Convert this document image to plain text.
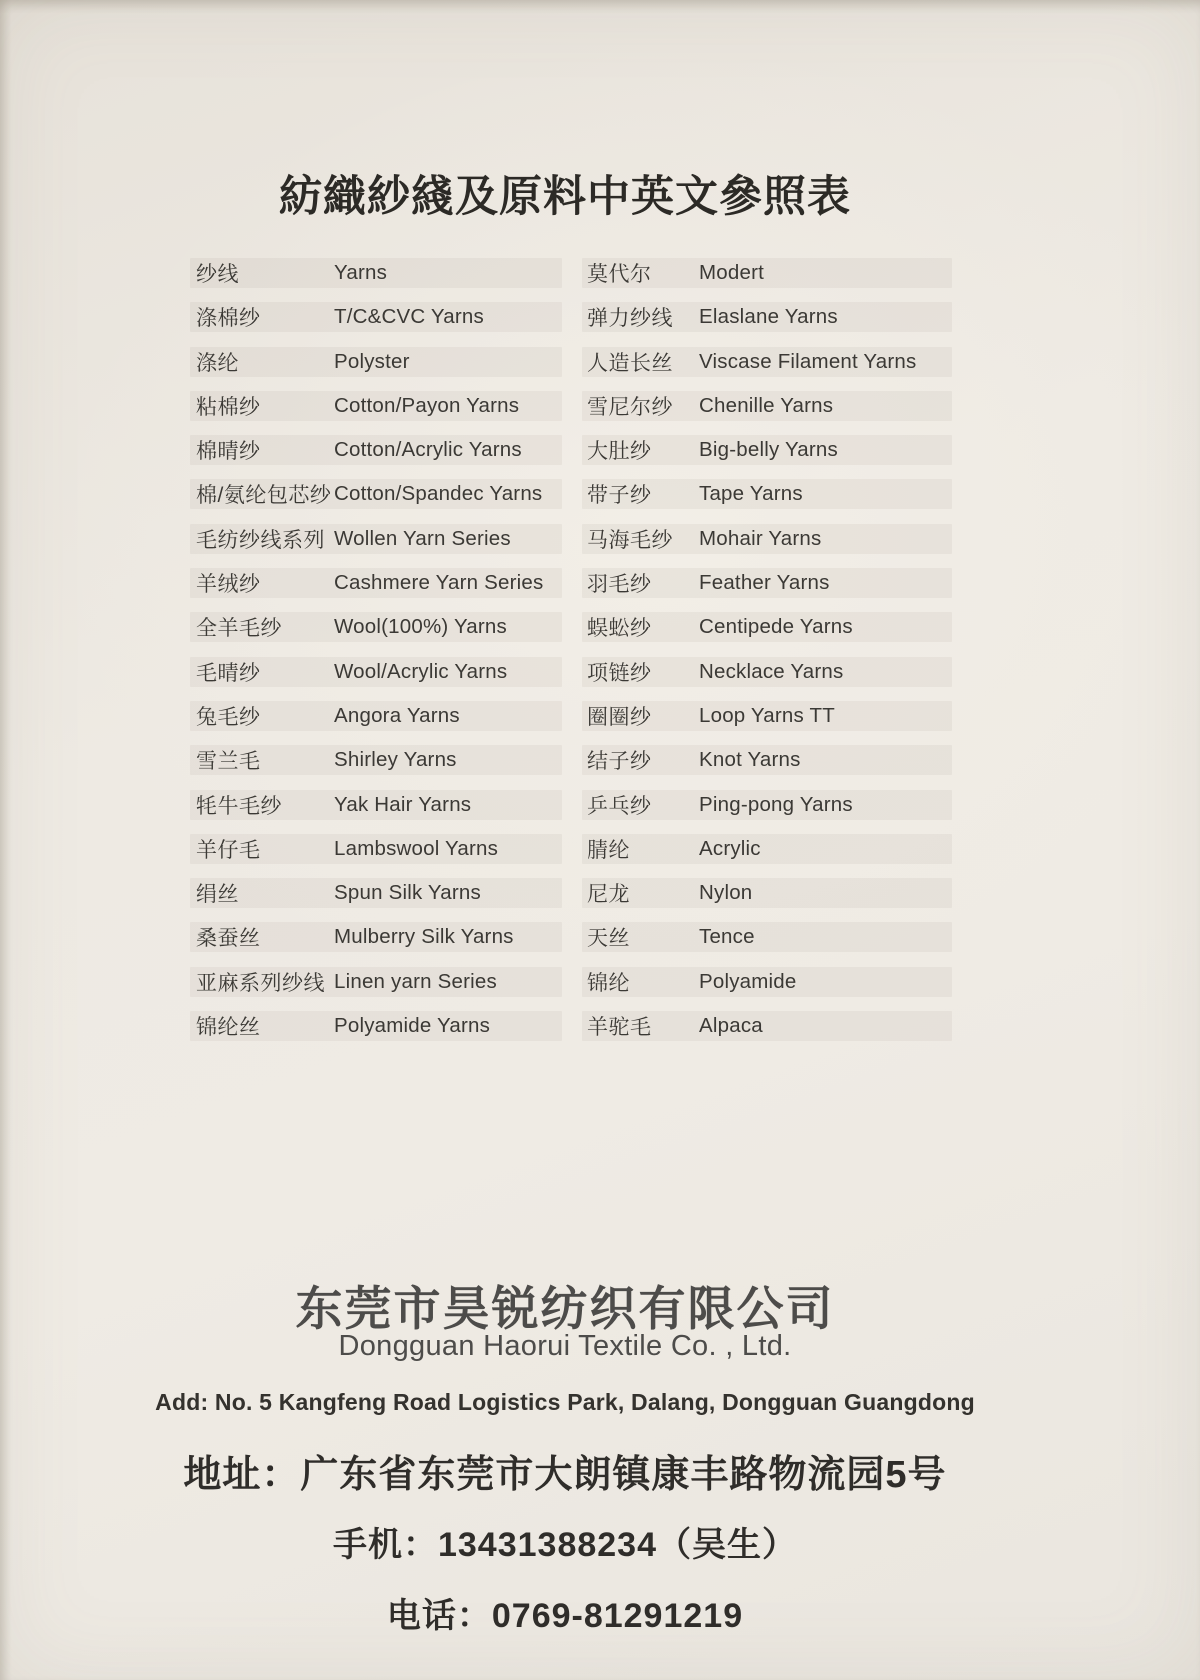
紡織紗綫及原料中英文參照表
纱线	Yarns
涤棉纱	T/C&CVC Yarns
涤纶	Polyster
粘棉纱	Cotton/Payon Yarns
棉晴纱	Cotton/Acrylic Yarns
棉/氨纶包芯纱 Cotton/Spandec Yarns
毛纺纱线系列 Wollen Yarn Series
羊绒纱	Cashmere Yarn Series
全羊毛纱	Wool(100%) Yarns
毛晴纱	Wool/Acrylic Yarns
兔毛纱	Angora Yarns
雪兰毛	Shirley Yarns
牦牛毛纱	Yak Hair Yarns
羊仔毛	Lambswool Yarns
绢丝	Spun Silk Yarns
桑蚕丝	Mulberry Silk Yarns
亚麻系列纱线 Linen yarn Series
锦纶丝	Polyamide Yarns
莫代尔	Modert
弹力纱线	Elaslane Yarns
人造长丝	Viscase Filament Yarns
雪尼尔纱	Chenille Yarns
大肚纱	Big-belly Yarns
带子纱	Tape Yarns
马海毛纱	Mohair Yarns
羽毛纱	Feather Yarns
蜈蚣纱	Centipede Yarns
项链纱	Necklace Yarns
圈圈纱	Loop Yarns TT
结子纱	Knot Yarns
乒乓纱	Ping-pong Yarns
腈纶	Acrylic
尼龙	Nylon
天丝	Tence
锦纶	Polyamide
羊驼毛	Alpaca
东莞市昊锐纺织有限公司
Dongguan Haorui Textile Co. , Ltd.
Add: No. 5 Kangfeng Road Logistics Park, Dalang, Dongguan Guangdong
地址：广东省东莞市大朗镇康丰路物流园5号
手机：13431388234（吴生）
电话：0769-81291219
